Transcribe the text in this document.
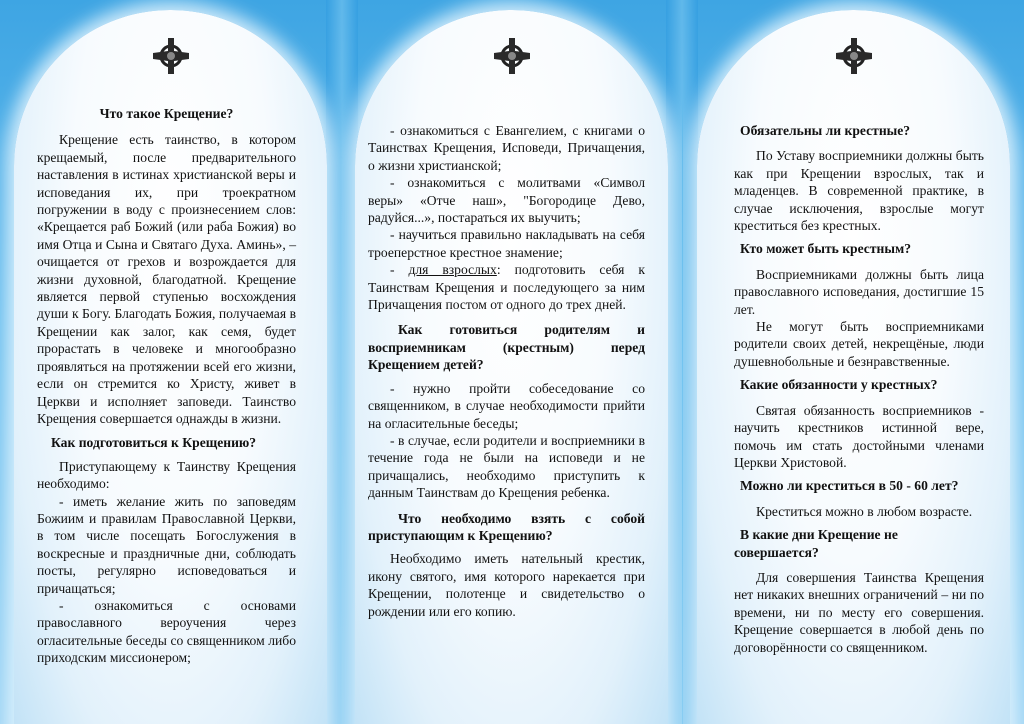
Что такое Крещение?

Крещение есть таинство, в котором крещаемый, после предварительного наставления в истинах христианской веры и исповедания их, при троекратном погружении в воду с произнесением слов: «Крещается раб Божий (или раба Божия) во имя Отца и Сына и Святаго Духа. Аминь», – очищается от грехов и возрождается для жизни духовной, благодатной. Крещение является первой ступенью восхождения души к Богу. Благодать Божия, получаемая в Крещении как залог, как семя, будет прорастать в человеке и многообразно проявляться на протяжении всей его жизни, если он стремится ко Христу, живет в Церкви и исполняет заповеди. Таинство Крещения совершается однажды в жизни.

Как подготовиться к Крещению?

Приступающему к Таинству Крещения необходимо:

- иметь желание жить по заповедям Божиим и правилам Православной Церкви, в том числе посещать Богослужения в воскресные и праздничные дни, соблюдать посты, регулярно исповедоваться и причащаться;

- ознакомиться с основами православного вероучения через огласительные беседы со священником либо приходским миссионером;

- ознакомиться с Евангелием, с книгами о Таинствах Крещения, Исповеди, Причащения, о жизни христианской;

- ознакомиться с молитвами «Символ веры» «Отче наш», "Богородице Дево, радуйся...», постараться их выучить;

- научиться правильно накладывать на себя троеперстное крестное знамение;

- для взрослых: подготовить себя к Таинствам Крещения и последующего за ним Причащения постом от одного до трех дней.

Как готовиться родителям и восприемникам (крестным) перед Крещением детей?

- нужно пройти собеседование со священником, в случае необходимости прийти на огласительные беседы;

- в случае, если родители и восприемники в течение года не были на исповеди и не причащались, необходимо приступить к данным Таинствам до Крещения ребенка.

Что необходимо взять с собой приступающим к Крещению?

Необходимо иметь нательный крестик, икону святого, имя которого нарекается при Крещении, полотенце и свидетельство о рождении или его копию.

Обязательны ли крестные?

По Уставу восприемники должны быть как при Крещении взрослых, так и младенцев. В современной практике, в случае исключения, взрослые могут креститься без крестных.

Кто может быть крестным?

Восприемниками должны быть лица православного исповедания, достигшие 15 лет.

Не могут быть восприемниками родители своих детей, некрещёные, люди душевнобольные и безнравственные.

Какие обязанности у крестных?

Святая обязанность восприемников - научить крестников истинной вере, помочь им стать достойными членами Церкви Христовой.

Можно ли креститься в 50 - 60 лет?

Креститься можно в любом возрасте.

В какие дни Крещение не совершается?

Для совершения Таинства Крещения нет никаких внешних ограничений – ни по времени, ни по месту его совершения. Крещение совершается в любой день по договорённости со священником.
